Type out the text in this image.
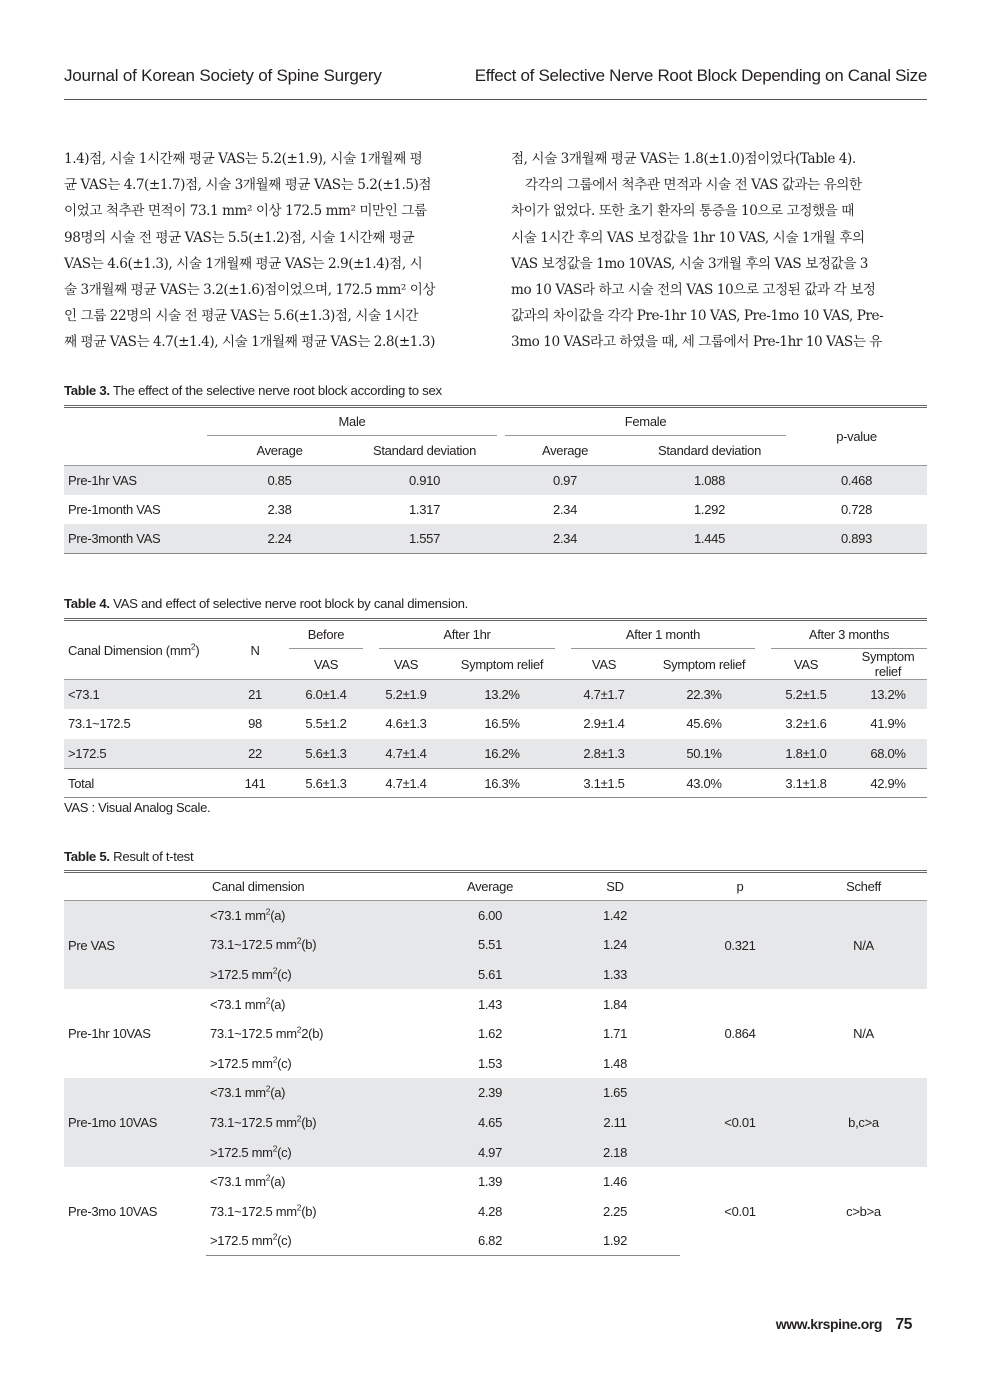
Journal of Korean Society of Spine Surgery	Effect of Selective Nerve Root Block Depending on Canal Size
1.4)점, 시술 1시간째 평균 VAS는 5.2(±1.9), 시술 1개월째 평
균 VAS는 4.7(±1.7)점, 시술 3개월째 평균 VAS는 5.2(±1.5)점
이었고 척추관 면적이 73.1 mm² 이상 172.5 mm² 미만인 그룹
98명의 시술 전 평균 VAS는 5.5(±1.2)점, 시술 1시간째 평균
VAS는 4.6(±1.3), 시술 1개월째 평균 VAS는 2.9(±1.4)점, 시
술 3개월째 평균 VAS는 3.2(±1.6)점이었으며, 172.5 mm² 이상
인 그룹 22명의 시술 전 평균 VAS는 5.6(±1.3)점, 시술 1시간
째 평균 VAS는 4.7(±1.4), 시술 1개월째 평균 VAS는 2.8(±1.3)
점, 시술 3개월째 평균 VAS는 1.8(±1.0)점이었다(Table 4).
각각의 그룹에서 척추관 면적과 시술 전 VAS 값과는 유의한
차이가 없었다. 또한 초기 환자의 통증을 10으로 고정했을 때
시술 1시간 후의 VAS 보정값을 1hr 10 VAS, 시술 1개월 후의
VAS 보정값을 1mo 10VAS, 시술 3개월 후의 VAS 보정값을 3
mo 10 VAS라 하고 시술 전의 VAS 10으로 고정된 값과 각 보정
값과의 차이값을 각각 Pre-1hr 10 VAS, Pre-1mo 10 VAS, Pre-
3mo 10 VAS라고 하였을 때, 세 그룹에서 Pre-1hr 10 VAS는 유
Table 3. The effect of the selective nerve root block according to sex

	Male		Female		p-value
	Average	Standard deviation	Average	Standard deviation	
Pre-1hr VAS	0.85	0.910	0.97	1.088	0.468
Pre-1month VAS	2.38	1.317	2.34	1.292	0.728
Pre-3month VAS	2.24	1.557	2.34	1.445	0.893
Table 4. VAS and effect of selective nerve root block by canal dimension.
Canal Dimension $(mm^2)$	N	Before	After 1hr		After 1 month		After 3 months	

		VAS	VAS	Symptom relief	VAS	Symptom relief	VAS	Symptom relief
<73.1	21	6.0±1.4	5.2±1.9	13.2%	4.7±1.7	22.3%	5.2±1.5	13.2%
73.1~172.5	98	5.5±1.2	4.6±1.3	16.5%	2.9±1.4	45.6%	3.2±1.6	41.9%
>172.5	22	5.6±1.3	4.7±1.4	16.2%	2.8±1.3	50.1%	1.8±1.0	68.0%
Total	141	5.6±1.3	4.7±1.4	16.3%	3.1±1.5	43.0%	3.1±1.8	42.9%
VAS : Visual Analog Scale.
Table 5. Result of t-test
	Canal dimension	Average	SD	p	Scheff
Pre VAS	<73.1 $mm^2(a)$	6.00	1.42	0.321	N/A
	73.1~172.5 $mm^2(b)$	5.51	1.24		
	>172.5 $mm^2(c)$	5.61	1.33		
Pre-1hr 10VAS	<73.1 $mm^2(a)$	1.43	1.84	0.864	N/A
	73.1~172.5 $mm^22(b)$	1.62	1.71		
	>172.5 $mm^2(c)$	1.53	1.48		
Pre-1mo 10VAS	<73.1 $mm^2(a)$	2.39	1.65	<0.01	b,c>a
	73.1~172.5 $mm^2(b)$	4.65	2.11		
	>172.5 $mm^2(c)$	4.97	2.18		
Pre-3mo 10VAS	<73.1 $mm^2(a)$	1.39	1.46	<0.01	c>b>a
	73.1~172.5 $mm^2(b)$	4.28	2.25		
	>172.5 $mm^2(c)$	6.82	1.92		
www.krspine.org 75
